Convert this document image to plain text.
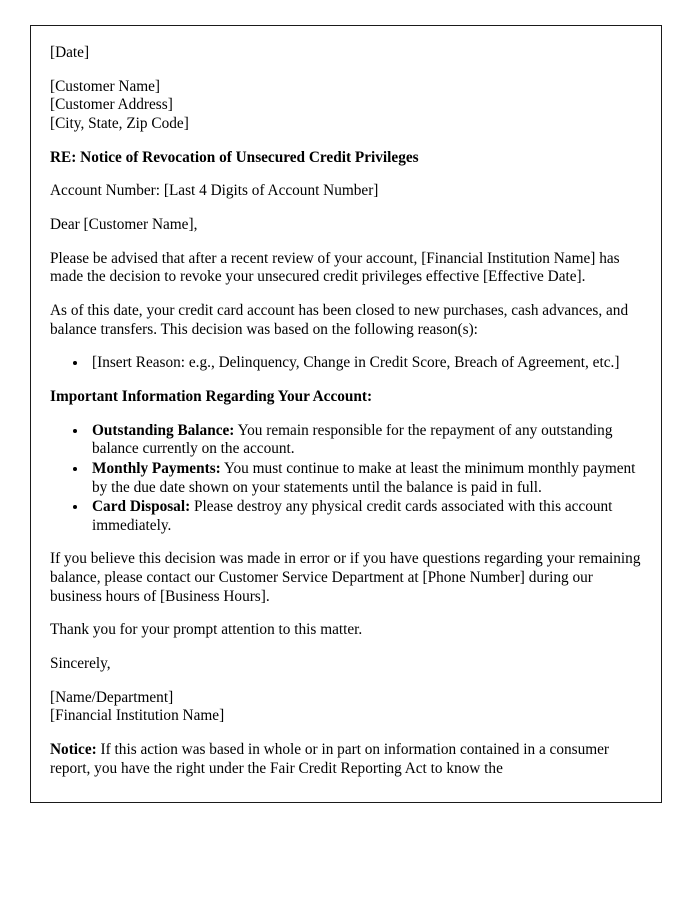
[Date]

[Customer Name]
[Customer Address]
[City, State, Zip Code]

RE: Notice of Revocation of Unsecured Credit Privileges

Account Number: [Last 4 Digits of Account Number]

Dear [Customer Name],

Please be advised that after a recent review of your account, [Financial Institution Name] has made the decision to revoke your unsecured credit privileges effective [Effective Date].

As of this date, your credit card account has been closed to new purchases, cash advances, and balance transfers. This decision was based on the following reason(s):

• [Insert Reason: e.g., Delinquency, Change in Credit Score, Breach of Agreement, etc.]

Important Information Regarding Your Account:

• Outstanding Balance: You remain responsible for the repayment of any outstanding balance currently on the account.
• Monthly Payments: You must continue to make at least the minimum monthly payment by the due date shown on your statements until the balance is paid in full.
• Card Disposal: Please destroy any physical credit cards associated with this account immediately.

If you believe this decision was made in error or if you have questions regarding your remaining balance, please contact our Customer Service Department at [Phone Number] during our business hours of [Business Hours].

Thank you for your prompt attention to this matter.

Sincerely,

[Name/Department]
[Financial Institution Name]

Notice: If this action was based in whole or in part on information contained in a consumer report, you have the right under the Fair Credit Reporting Act to know the
